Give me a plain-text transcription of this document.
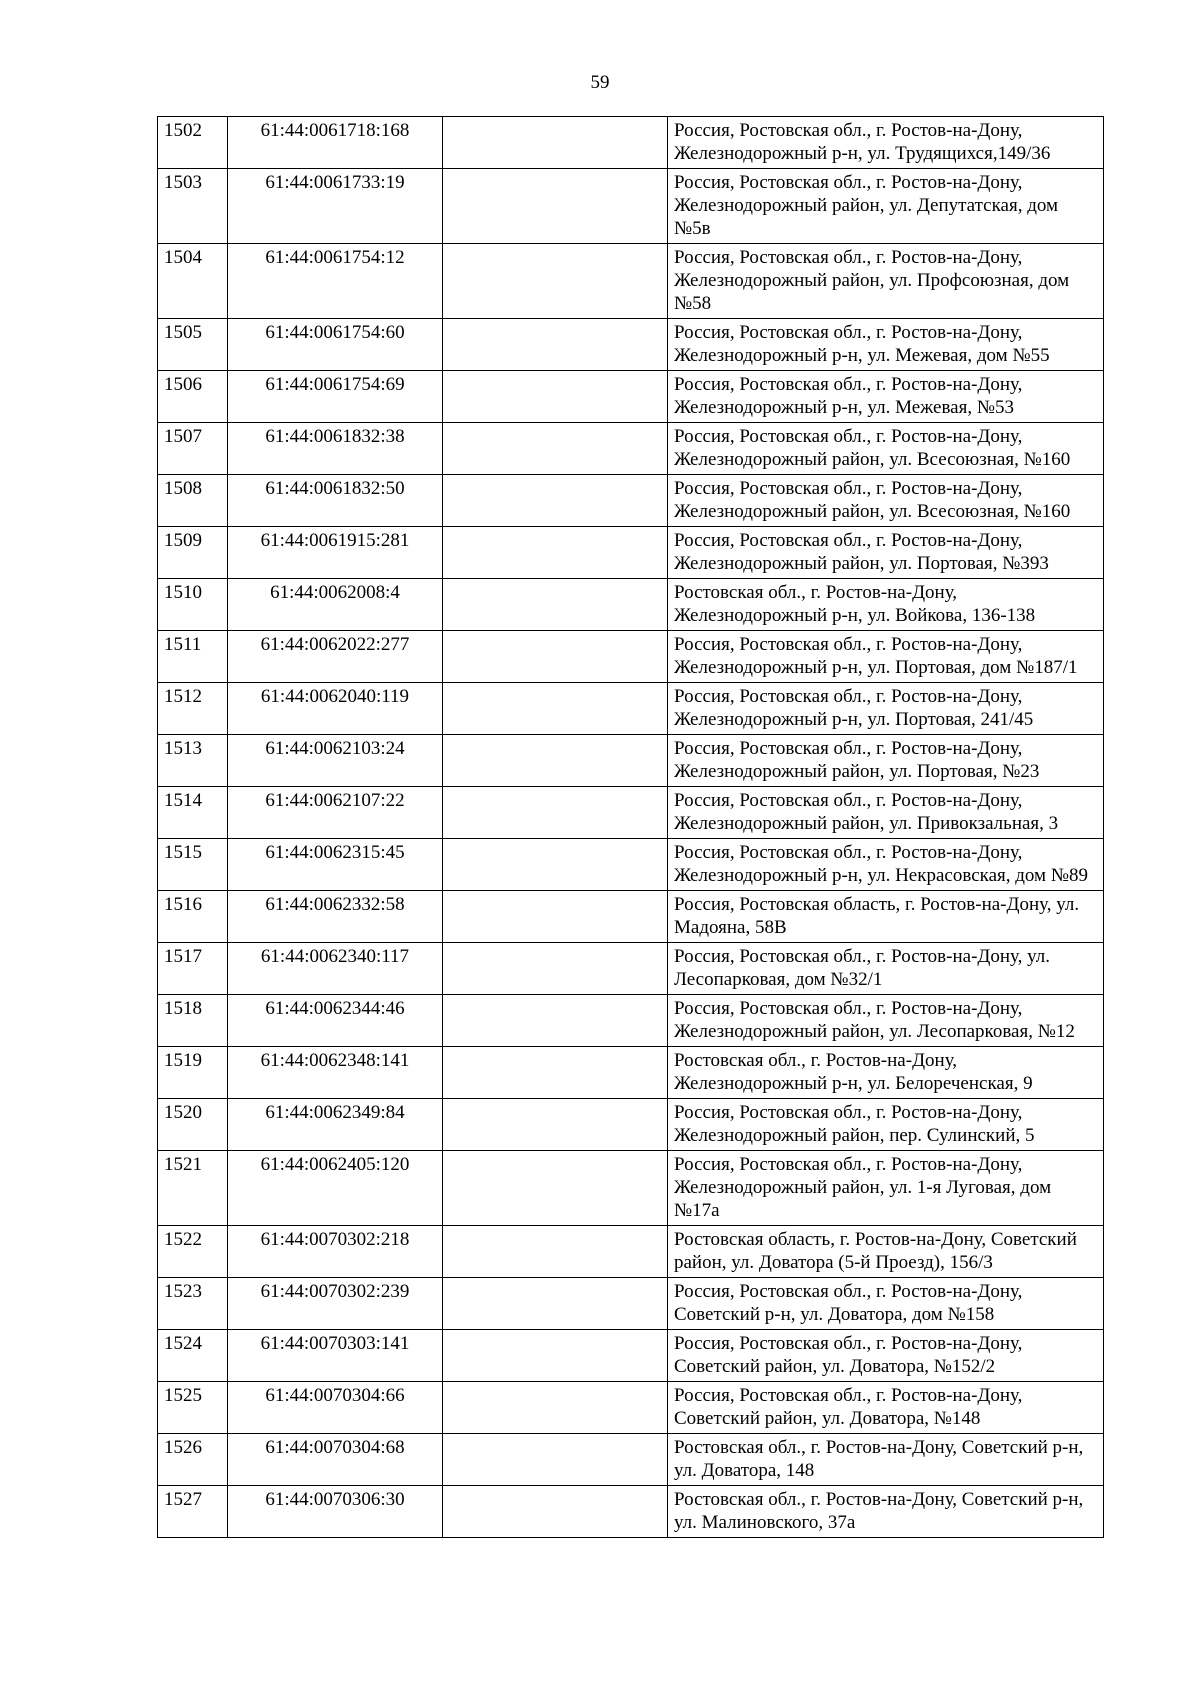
59
1502	61:44:0061718:168		Россия, Ростовская обл., г. Ростов-на-Дону, Железнодорожный р-н, ул. Трудящихся,149/36
1503	61:44:0061733:19		Россия, Ростовская обл., г. Ростов-на-Дону, Железнодорожный район, ул. Депутатская, дом №5в
1504	61:44:0061754:12		Россия, Ростовская обл., г. Ростов-на-Дону, Железнодорожный район, ул. Профсоюзная, дом №58
1505	61:44:0061754:60		Россия, Ростовская обл., г. Ростов-на-Дону, Железнодорожный р-н, ул. Межевая, дом №55
1506	61:44:0061754:69		Россия, Ростовская обл., г. Ростов-на-Дону, Железнодорожный р-н, ул. Межевая, №53
1507	61:44:0061832:38		Россия, Ростовская обл., г. Ростов-на-Дону, Железнодорожный район, ул. Всесоюзная, №160
1508	61:44:0061832:50		Россия, Ростовская обл., г. Ростов-на-Дону, Железнодорожный район, ул. Всесоюзная, №160
1509	61:44:0061915:281		Россия, Ростовская обл., г. Ростов-на-Дону, Железнодорожный район, ул. Портовая, №393
1510	61:44:0062008:4		Ростовская обл., г. Ростов-на-Дону, Железнодорожный р-н, ул. Войкова, 136-138
1511	61:44:0062022:277		Россия, Ростовская обл., г. Ростов-на-Дону, Железнодорожный р-н, ул. Портовая, дом №187/1
1512	61:44:0062040:119		Россия, Ростовская обл., г. Ростов-на-Дону, Железнодорожный р-н, ул. Портовая, 241/45
1513	61:44:0062103:24		Россия, Ростовская обл., г. Ростов-на-Дону, Железнодорожный район, ул. Портовая, №23
1514	61:44:0062107:22		Россия, Ростовская обл., г. Ростов-на-Дону, Железнодорожный район, ул. Привокзальная, 3
1515	61:44:0062315:45		Россия, Ростовская обл., г. Ростов-на-Дону, Железнодорожный р-н, ул. Некрасовская, дом №89
1516	61:44:0062332:58		Россия, Ростовская область, г. Ростов-на-Дону, ул. Мадояна, 58В
1517	61:44:0062340:117		Россия, Ростовская обл., г. Ростов-на-Дону, ул. Лесопарковая, дом №32/1
1518	61:44:0062344:46		Россия, Ростовская обл., г. Ростов-на-Дону, Железнодорожный район, ул. Лесопарковая, №12
1519	61:44:0062348:141		Ростовская обл., г. Ростов-на-Дону, Железнодорожный р-н, ул. Белореченская, 9
1520	61:44:0062349:84		Россия, Ростовская обл., г. Ростов-на-Дону, Железнодорожный район, пер. Сулинский, 5
1521	61:44:0062405:120		Россия, Ростовская обл., г. Ростов-на-Дону, Железнодорожный район, ул. 1-я Луговая, дом №17а
1522	61:44:0070302:218		Ростовская область, г. Ростов-на-Дону, Советский район, ул. Доватора (5-й Проезд), 156/3
1523	61:44:0070302:239		Россия, Ростовская обл., г. Ростов-на-Дону, Советский р-н, ул. Доватора, дом №158
1524	61:44:0070303:141		Россия, Ростовская обл., г. Ростов-на-Дону, Советский район, ул. Доватора, №152/2
1525	61:44:0070304:66		Россия, Ростовская обл., г. Ростов-на-Дону, Советский район, ул. Доватора, №148
1526	61:44:0070304:68		Ростовская обл., г. Ростов-на-Дону, Советский р-н, ул. Доватора, 148
1527	61:44:0070306:30		Ростовская обл., г. Ростов-на-Дону, Советский р-н, ул. Малиновского, 37а
